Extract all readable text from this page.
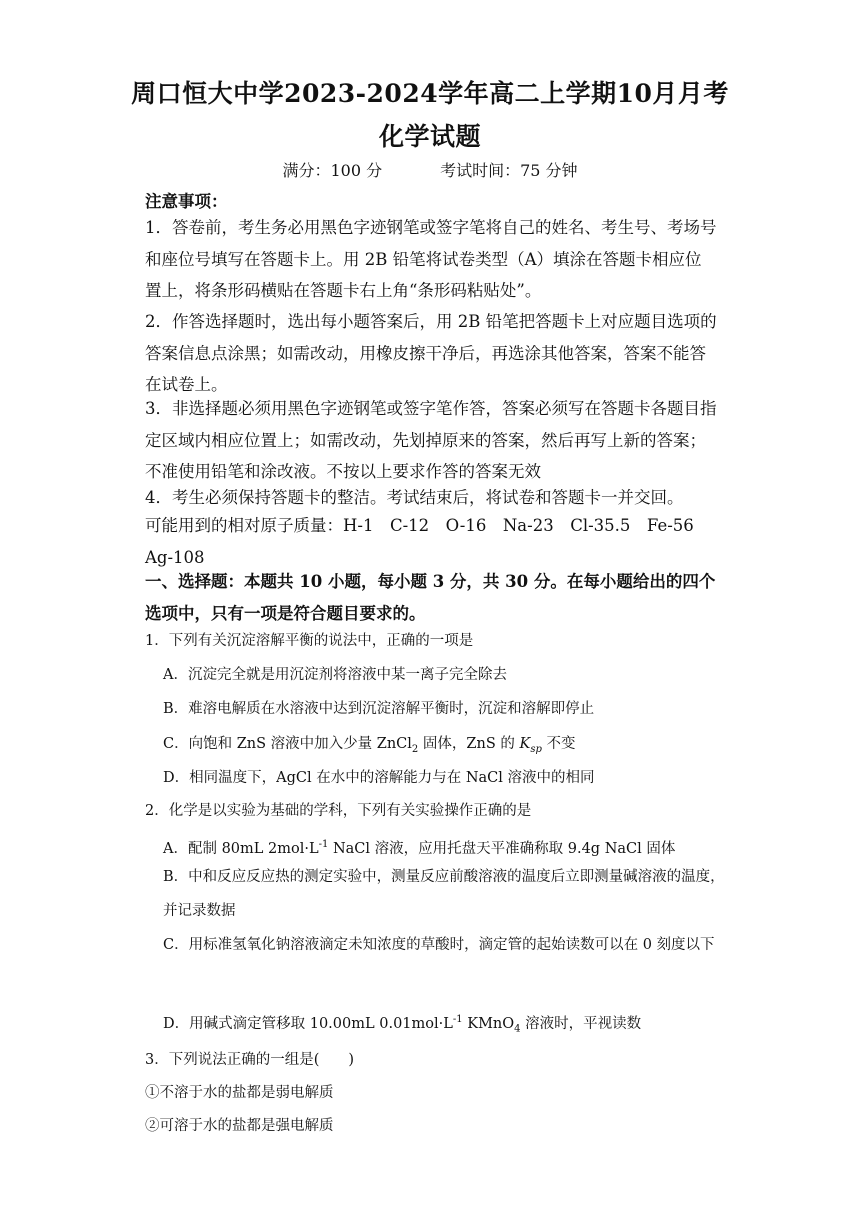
周口恒大中学2023-2024学年高二上学期10月月考
化学试题
满分：100 分	考试时间：75 分钟
注意事项：
1．答卷前，考生务必用黑色字迹钢笔或签字笔将自己的姓名、考生号、考场号和座位号填写在答题卡上。用 2B 铅笔将试卷类型（A）填涂在答题卡相应位置上，将条形码横贴在答题卡右上角“条形码粘贴处”。
2．作答选择题时，选出每小题答案后，用 2B 铅笔把答题卡上对应题目选项的答案信息点涂黑；如需改动，用橡皮擦干净后，再选涂其他答案，答案不能答在试卷上。
3．非选择题必须用黑色字迹钢笔或签字笔作答，答案必须写在答题卡各题目指定区域内相应位置上；如需改动，先划掉原来的答案，然后再写上新的答案；不准使用铅笔和涂改液。不按以上要求作答的答案无效
4．考生必须保持答题卡的整洁。考试结束后，将试卷和答题卡一并交回。
可能用到的相对原子质量：H-1　C-12　O-16　Na-23　Cl-35.5　Fe-56　Ag-108
一、选择题：本题共 10 小题，每小题 3 分，共 30 分。在每小题给出的四个选项中，只有一项是符合题目要求的。
1．下列有关沉淀溶解平衡的说法中，正确的一项是
A．沉淀完全就是用沉淀剂将溶液中某一离子完全除去
B．难溶电解质在水溶液中达到沉淀溶解平衡时，沉淀和溶解即停止
C．向饱和 ZnS 溶液中加入少量 ZnCl$_2$ 固体，ZnS 的 $K_{sp}$ 不变
D．相同温度下，AgCl 在水中的溶解能力与在 NaCl 溶液中的相同
2．化学是以实验为基础的学科，下列有关实验操作正确的是
A．配制 80mL $2mol\cdot L^{-1}$ NaCl 溶液，应用托盘天平准确称取 9.4g NaCl 固体
B．中和反应反应热的测定实验中，测量反应前酸溶液的温度后立即测量碱溶液的温度，并记录数据
C．用标准氢氧化钠溶液滴定未知浓度的草酸时，滴定管的起始读数可以在 0 刻度以下
D．用碱式滴定管移取 10.00mL $0.01mol\cdot L^{-1}$ KMnO$_4$ 溶液时，平视读数
3．下列说法正确的一组是(　　)
①不溶于水的盐都是弱电解质
②可溶于水的盐都是强电解质
